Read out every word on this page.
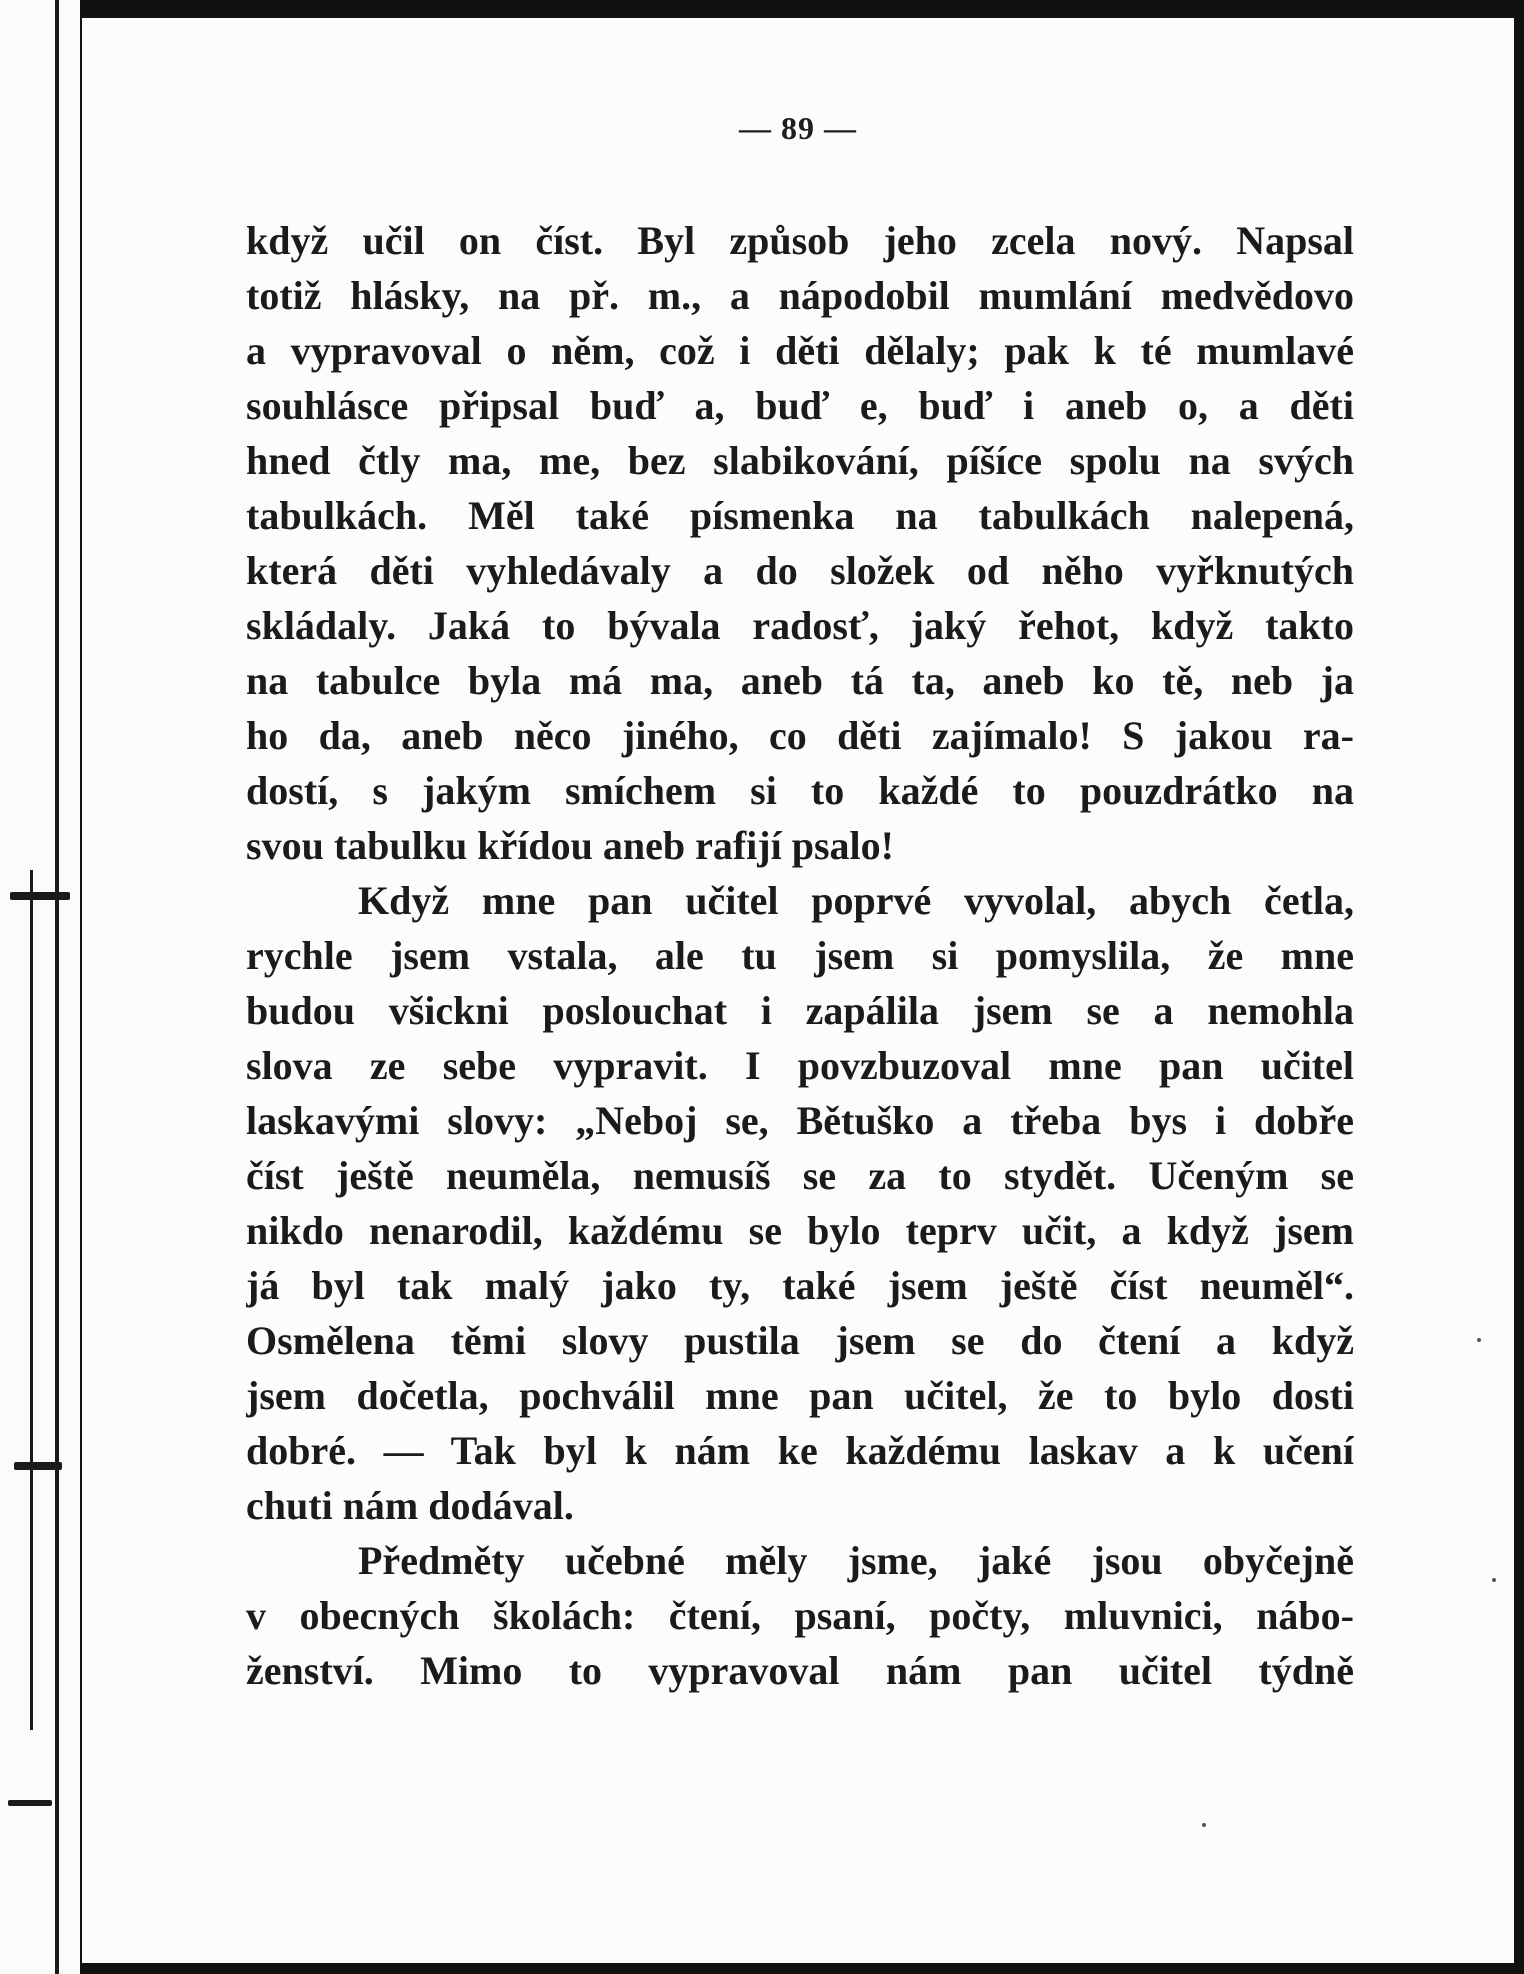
— 89 —
když učil on číst. Byl způsob jeho zcela nový. Napsal
totiž hlásky, na př. m., a nápodobil mumlání medvědovo
a vypravoval o něm, což i děti dělaly; pak k té mumlavé
souhlásce připsal buď a, buď e, buď i aneb o, a děti
hned čtly ma, me, bez slabikování, píšíce spolu na svých
tabulkách. Měl také písmenka na tabulkách nalepená,
která děti vyhledávaly a do složek od něho vyřknutých
skládaly. Jaká to bývala radosť, jaký řehot, když takto
na tabulce byla má ma, aneb tá ta, aneb ko tě, neb ja
ho da, aneb něco jiného, co děti zajímalo! S jakou ra-
dostí, s jakým smíchem si to každé to pouzdrátko na
svou tabulku křídou aneb rafijí psalo!
Když mne pan učitel poprvé vyvolal, abych četla,
rychle jsem vstala, ale tu jsem si pomyslila, že mne
budou všickni poslouchat i zapálila jsem se a nemohla
slova ze sebe vypravit. I povzbuzoval mne pan učitel
laskavými slovy: „Neboj se, Bětuško a třeba bys i dobře
číst ještě neuměla, nemusíš se za to stydět. Učeným se
nikdo nenarodil, každému se bylo teprv učit, a když jsem
já byl tak malý jako ty, také jsem ještě číst neuměl“.
Osmělena těmi slovy pustila jsem se do čtení a když
jsem dočetla, pochválil mne pan učitel, že to bylo dosti
dobré. — Tak byl k nám ke každému laskav a k učení
chuti nám dodával.
Předměty učebné měly jsme, jaké jsou obyčejně
v obecných školách: čtení, psaní, počty, mluvnici, nábo-
ženství. Mimo to vypravoval nám pan učitel týdně
